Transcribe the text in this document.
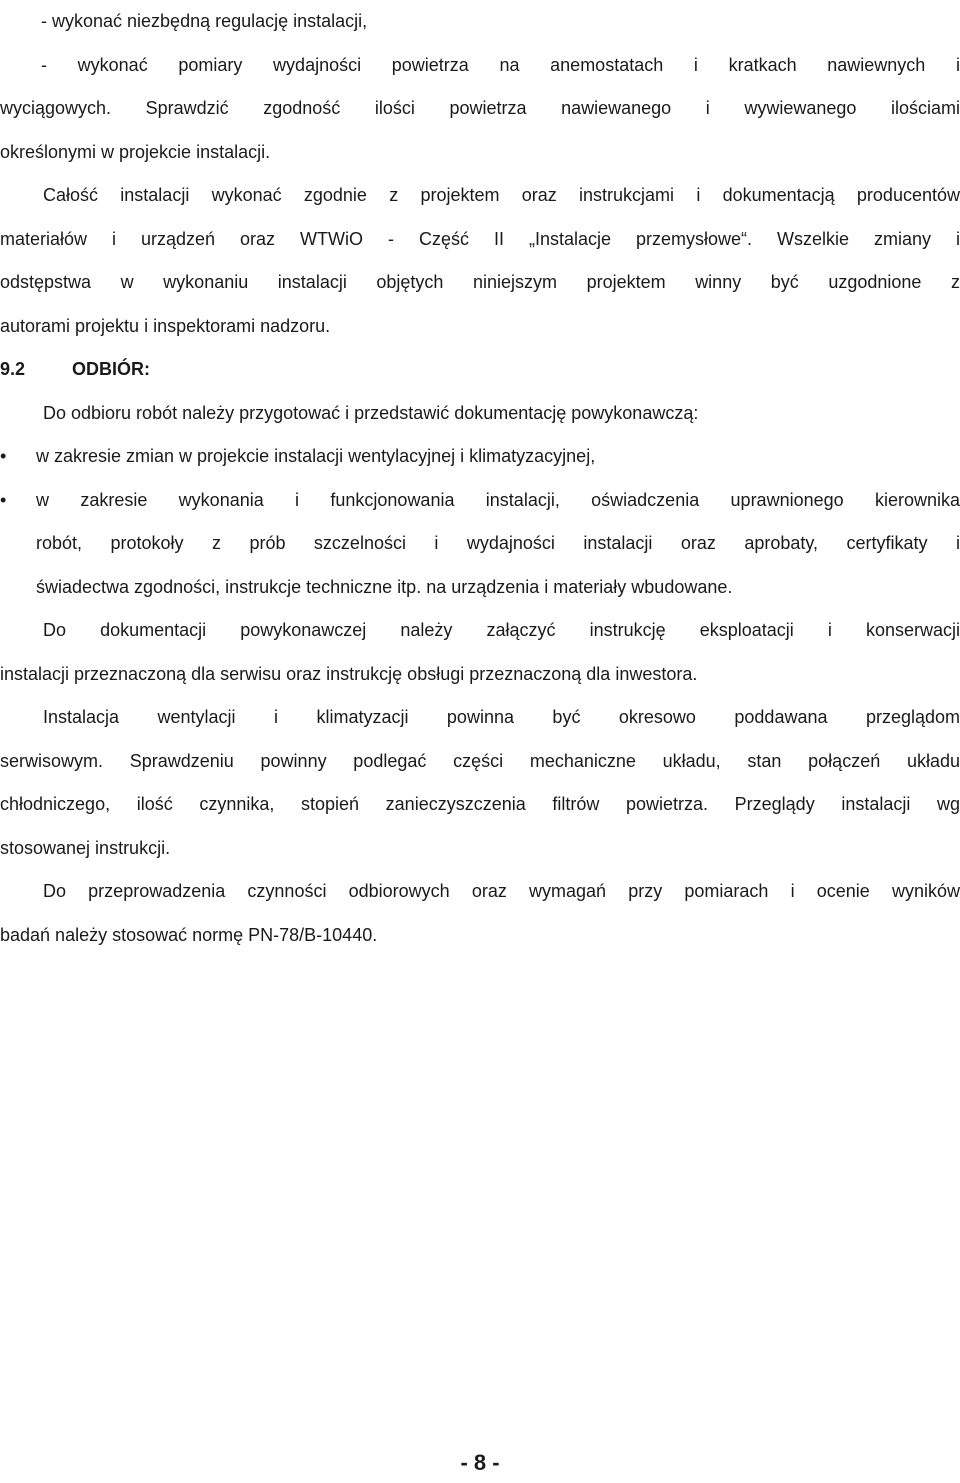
- wykonać niezbędną regulację instalacji,
- wykonać pomiary wydajności powietrza na anemostatach i kratkach nawiewnych i
wyciągowych. Sprawdzić zgodność ilości powietrza nawiewanego i wywiewanego ilościami
określonymi w projekcie instalacji.
Całość instalacji wykonać zgodnie z projektem oraz instrukcjami i dokumentacją producentów
materiałów i urządzeń oraz WTWiO - Część II „Instalacje przemysłowe“. Wszelkie zmiany i
odstępstwa w wykonaniu instalacji objętych niniejszym projektem winny być uzgodnione z
autorami projektu i inspektorami nadzoru.
9.2	ODBIÓR:
Do odbioru robót należy przygotować i przedstawić dokumentację powykonawczą:
•	w zakresie zmian w projekcie instalacji wentylacyjnej i klimatyzacyjnej,
•	w zakresie wykonania i funkcjonowania instalacji, oświadczenia uprawnionego kierownika
robót, protokoły z prób szczelności i wydajności instalacji oraz aprobaty, certyfikaty i
świadectwa zgodności, instrukcje techniczne itp. na urządzenia i materiały wbudowane.
Do dokumentacji powykonawczej należy załączyć instrukcję eksploatacji i konserwacji
instalacji przeznaczoną dla serwisu oraz instrukcję obsługi przeznaczoną dla inwestora.
Instalacja wentylacji i klimatyzacji powinna być okresowo poddawana przeglądom
serwisowym. Sprawdzeniu powinny podlegać części mechaniczne układu, stan połączeń układu
chłodniczego, ilość czynnika, stopień zanieczyszczenia filtrów powietrza. Przeglądy instalacji wg
stosowanej instrukcji.
Do przeprowadzenia czynności odbiorowych oraz wymagań przy pomiarach i ocenie wyników
badań należy stosować normę PN-78/B-10440.
- 8 -
